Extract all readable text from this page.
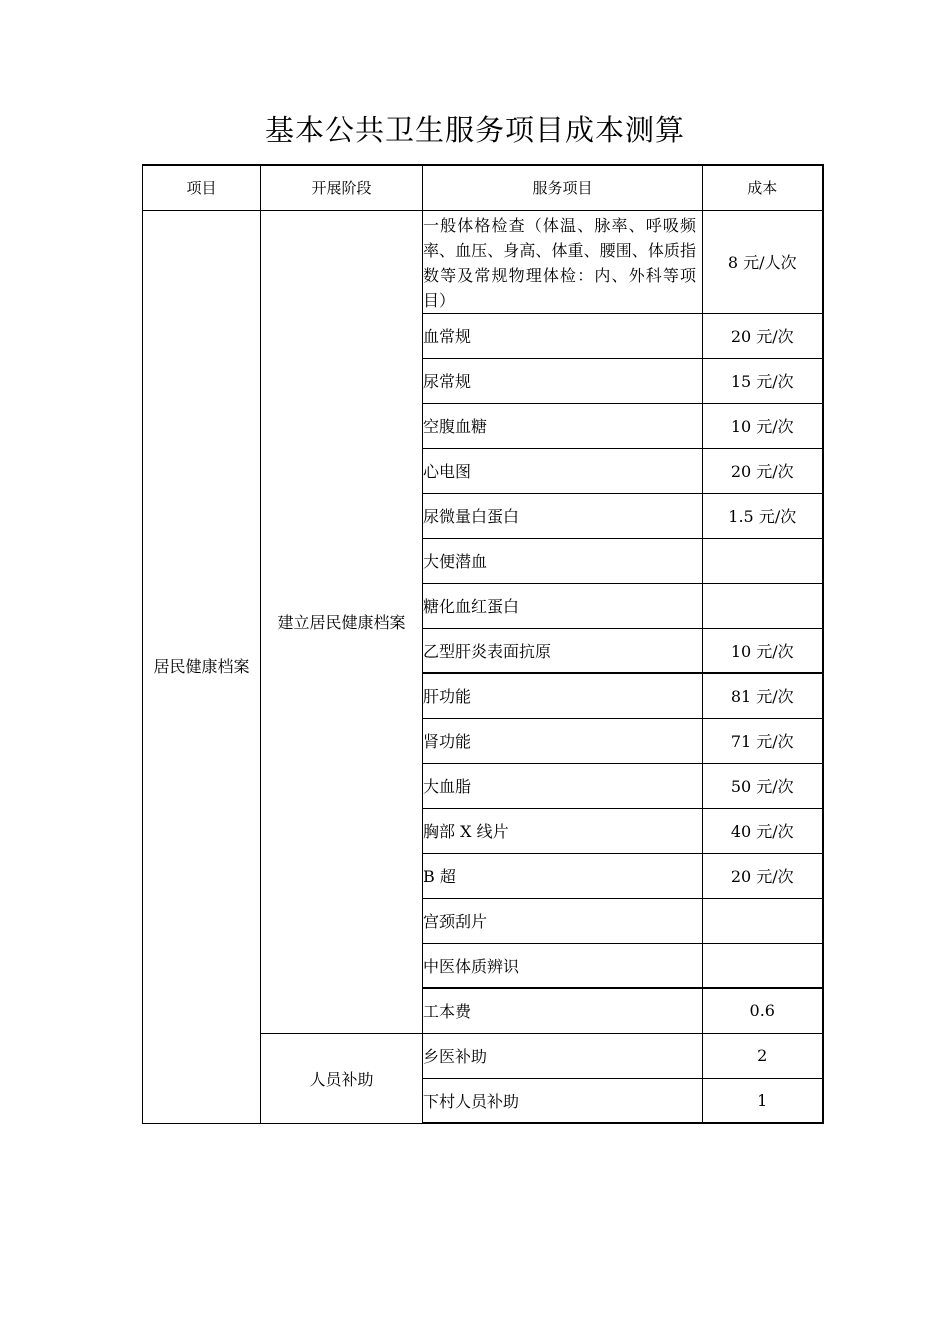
基本公共卫生服务项目成本测算
项目	开展阶段	服务项目	成本
居民健康档案	建立居民健康档案	一般体格检查（体温、脉率、呼吸频率、血压、身高、体重、腰围、体质指数等及常规物理体检：内、外科等项目）	8 元/人次
		血常规	20 元/次
		尿常规	15 元/次
		空腹血糖	10 元/次
		心电图	20 元/次
		尿微量白蛋白	1.5 元/次
		大便潜血	
		糖化血红蛋白	
		乙型肝炎表面抗原	10 元/次
		肝功能	81 元/次
		肾功能	71 元/次
		大血脂	50 元/次
		胸部 X 线片	40 元/次
		B 超	20 元/次
		宫颈刮片	
		中医体质辨识	
		工本费	0.6
	人员补助	乡医补助	2
		下村人员补助	1
